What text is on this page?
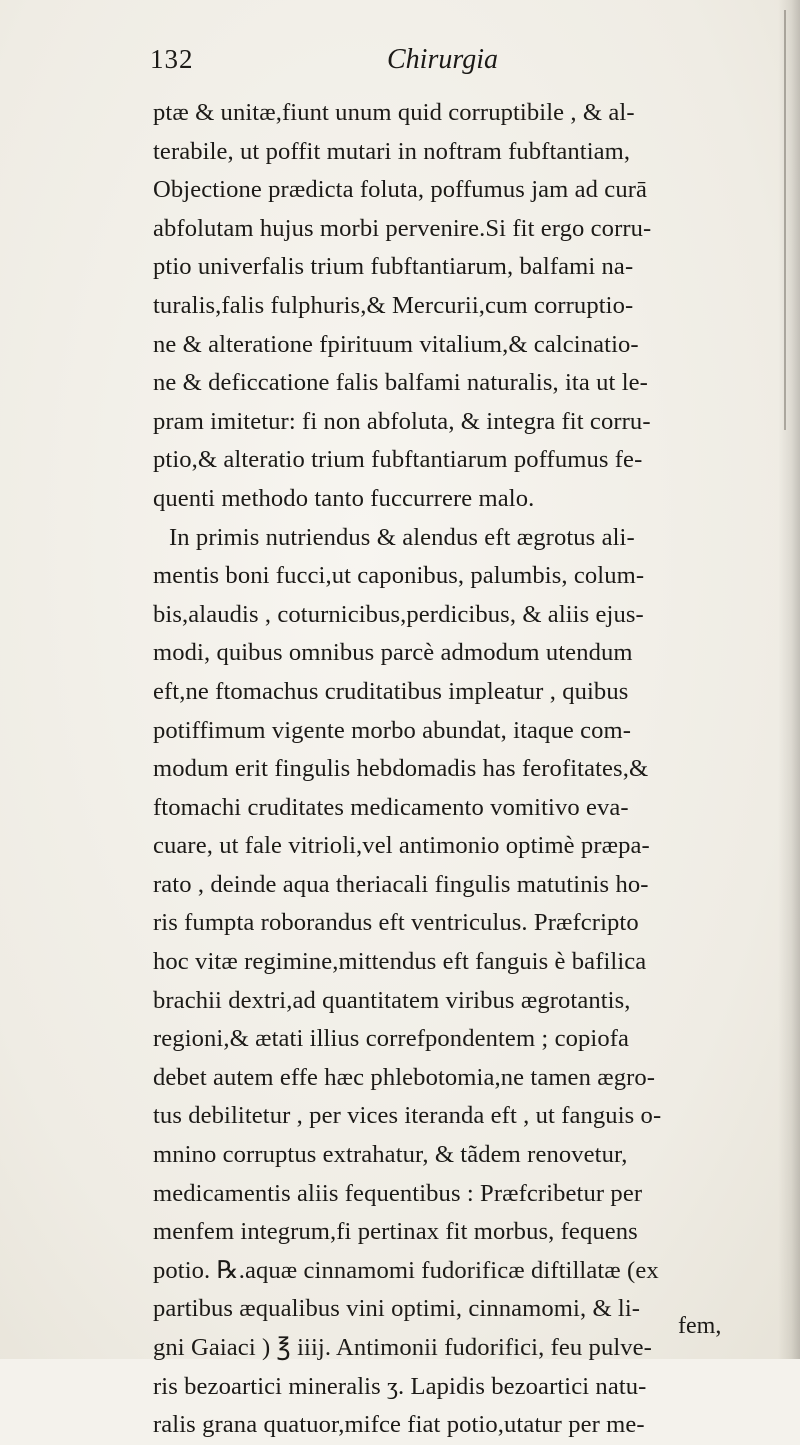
132	Chirurgia
ptæ & unitæ,fiunt unum quid corruptibile , & al-
terabile, ut poffit mutari in noftram fubftantiam,
Objectione prædicta foluta, poffumus jam ad curā
abfolutam hujus morbi pervenire.Si fit ergo corru-
ptio univerfalis trium fubftantiarum, balfami na-
turalis,falis fulphuris,& Mercurii,cum corruptio-
ne & alteratione fpirituum vitalium,& calcinatio-
ne & deficcatione falis balfami naturalis, ita ut le-
pram imitetur: fi non abfoluta, & integra fit corru-
ptio,& alteratio trium fubftantiarum poffumus fe-
quenti methodo tanto fuccurrere malo.
In primis nutriendus & alendus eft ægrotus ali-
mentis boni fucci,ut caponibus, palumbis, colum-
bis,alaudis , coturnicibus,perdicibus, & aliis ejus-
modi, quibus omnibus parcè admodum utendum
eft,ne ftomachus cruditatibus impleatur , quibus
potiffimum vigente morbo abundat, itaque com-
modum erit fingulis hebdomadis has ferofitates,&
ftomachi cruditates medicamento vomitivo eva-
cuare, ut fale vitrioli,vel antimonio optimè præpa-
rato , deinde aqua theriacali fingulis matutinis ho-
ris fumpta roborandus eft ventriculus. Præfcripto
hoc vitæ regimine,mittendus eft fanguis è bafilica
brachii dextri,ad quantitatem viribus ægrotantis,
regioni,& ætati illius correfpondentem ; copiofa
debet autem effe hæc phlebotomia,ne tamen ægro-
tus debilitetur , per vices iteranda eft , ut fanguis o-
mnino corruptus extrahatur, & tãdem renovetur,
medicamentis aliis fequentibus : Præfcribetur per
menfem integrum,fi pertinax fit morbus, fequens
potio. ℞.aquæ cinnamomi fudorificæ diftillatæ (ex
partibus æqualibus vini optimi, cinnamomi, & li-
gni Gaiaci ) ℥ iiij. Antimonii fudorifici, feu pulve-
ris bezoartici mineralis ʒ. Lapidis bezoartici natu-
ralis grana quatuor,mifce fiat potio,utatur per me-
fem,
